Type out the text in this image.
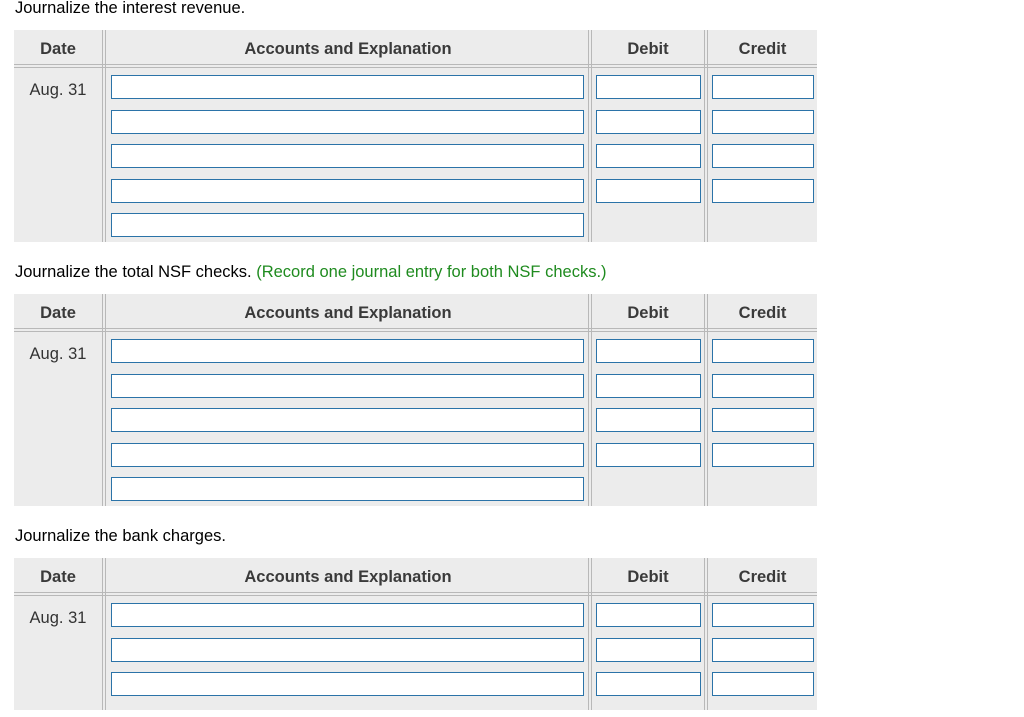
Journalize the interest revenue.
Date	Accounts and Explanation	Debit	Credit
Aug. 31
Journalize the total NSF checks. (Record one journal entry for both NSF checks.)
Date	Accounts and Explanation	Debit	Credit
Aug. 31
Journalize the bank charges.
Date	Accounts and Explanation	Debit	Credit
Aug. 31
